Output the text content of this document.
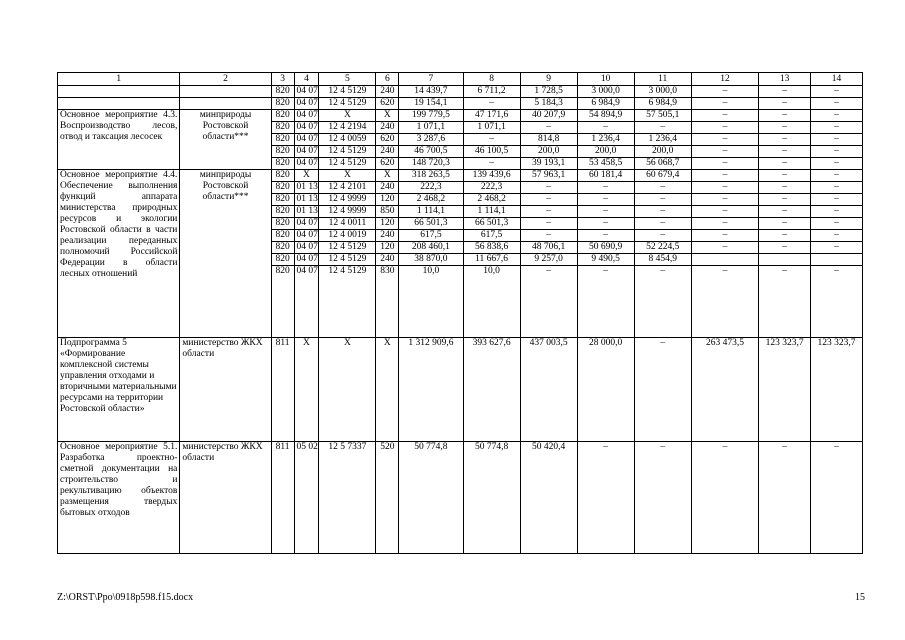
1	2	3	4	5	6	7	8	9	10	11	12	13	14
		820	04 07	12 4 5129	240	14 439,7	6 711,2	1 728,5	3 000,0	3 000,0	–	–	–
		820	04 07	12 4 5129	620	19 154,1	–	5 184,3	6 984,9	6 984,9	–	–	–
Основное мероприятие 4.3. Воспроизводство лесов, отвод и таксация лесосек	минприроды Ростовской области***	820	04 07	Х	Х	199 779,5	47 171,6	40 207,9	54 894,9	57 505,1	–	–	–
		820	04 07	12 4 2194	240	1 071,1	1 071,1	–	–	–	–	–	–
		820	04 07	12 4 0059	620	3 287,6	–	814,8	1 236,4	1 236,4	–	–	–
		820	04 07	12 4 5129	240	46 700,5	46 100,5	200,0	200,0	200,0	–	–	–
		820	04 07	12 4 5129	620	148 720,3	–	39 193,1	53 458,5	56 068,7	–	–	–
Основное мероприятие 4.4. Обеспечение выполнения функций аппарата министерства природных ресурсов и экологии Ростовской области в части реализации переданных полномочий Российской Федерации в области лесных отношений	минприроды Ростовской области***	820	Х	Х	Х	318 263,5	139 439,6	57 963,1	60 181,4	60 679,4	–	–	–
		820	01 13	12 4 2101	240	222,3	222,3	–	–	–	–	–	–
		820	01 13	12 4 9999	120	2 468,2	2 468,2	–	–	–	–	–	–
		820	01 13	12 4 9999	850	1 114,1	1 114,1	–	–	–	–	–	–
		820	04 07	12 4 0011	120	66 501,3	66 501,3	–	–	–	–	–	–
		820	04 07	12 4 0019	240	617,5	617,5	–	–	–	–	–	–
		820	04 07	12 4 5129	120	208 460,1	56 838,6	48 706,1	50 690,9	52 224,5	–	–	–
		820	04 07	12 4 5129	240	38 870,0	11 667,6	9 257,0	9 490,5	8 454,9			
		820	04 07	12 4 5129	830	10,0	10,0	–	–	–	–	–	–
Подпрограмма 5 «Формирование комплексной системы управления отходами и вторичными материальными ресурсами на территории Ростовской области»	министерство ЖКХ области	811	Х	Х	Х	1 312 909,6	393 627,6	437 003,5	28 000,0	–	263 473,5	123 323,7	123 323,7
Основное мероприятие 5.1. Разработка проектно-сметной документации на строительство и рекультивацию объектов размещения твердых бытовых отходов	министерство ЖКХ области	811	05 02	12 5 7337	520	50 774,8	50 774,8	50 420,4	–	–	–	–	–
Z:\ORST\Ppo\0918p598.f15.docx	15
